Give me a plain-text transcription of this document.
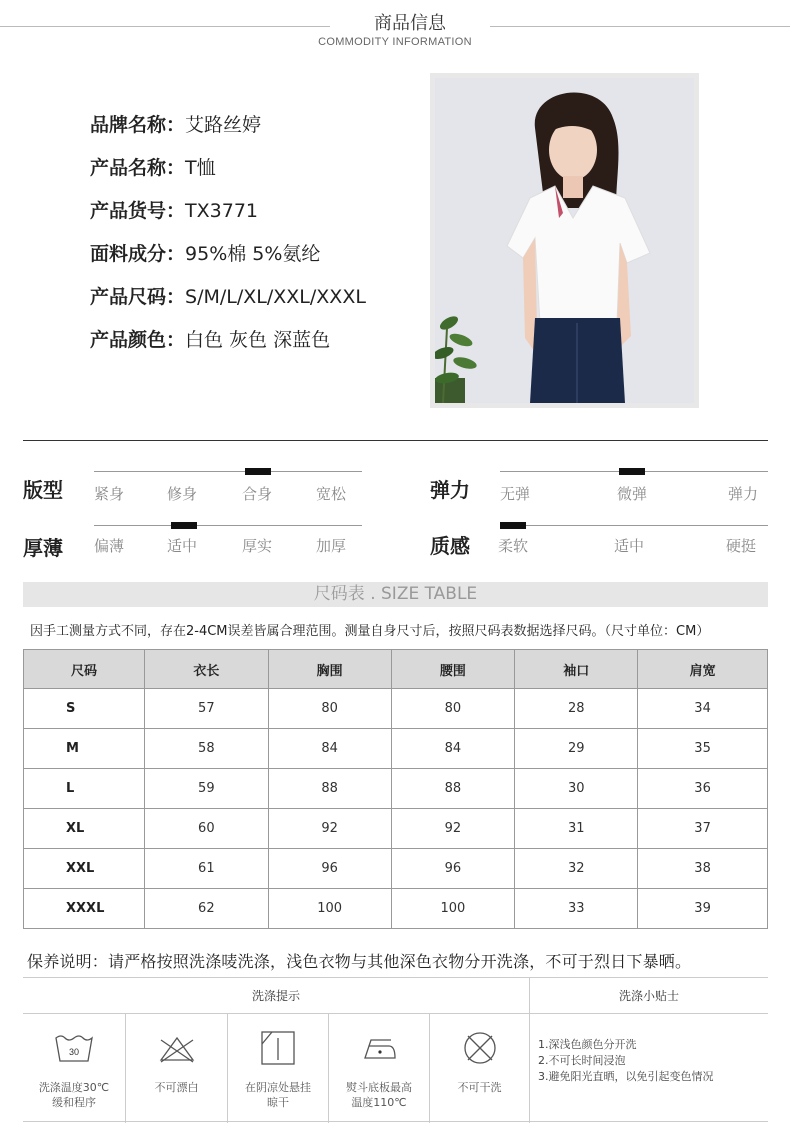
商品信息
COMMODITY INFORMATION
品牌名称：艾路丝婷
产品名称：T恤
产品货号：TX3771
面料成分：95%棉 5%氨纶
产品尺码：S/M/L/XL/XXL/XXXL
产品颜色：白色 灰色 深蓝色
版型 紧身	修身	合身	宽松	弹力 无弹	微弹	弹力
厚薄 偏薄	适中	厚实	加厚	质感 柔软	适中	硬挺
尺码表 . SIZE TABLE
因手工测量方式不同，存在2-4CM误差皆属合理范围。测量自身尺寸后，按照尺码表数据选择尺码。（尺寸单位：CM）
尺码	衣长	胸围	腰围	袖口	肩宽
S	57	80	80	28	34
M	58	84	84	29	35
L	59	88	88	30	36
XL	60	92	92	31	37
XXL	61	96	96	32	38
XXXL	62	100	100	33	39
保养说明：请严格按照洗涤唛洗涤，浅色衣物与其他深色衣物分开洗涤，不可于烈日下暴晒。
洗涤提示	洗涤小贴士
30
洗涤温度30℃
缓和程序
不可漂白	在阴凉处悬挂
晾干
熨斗底板最高
温度110℃
不可干洗

1.深浅色颜色分开洗
2.不可长时间浸泡
3.避免阳光直晒，以免引起变色情况
